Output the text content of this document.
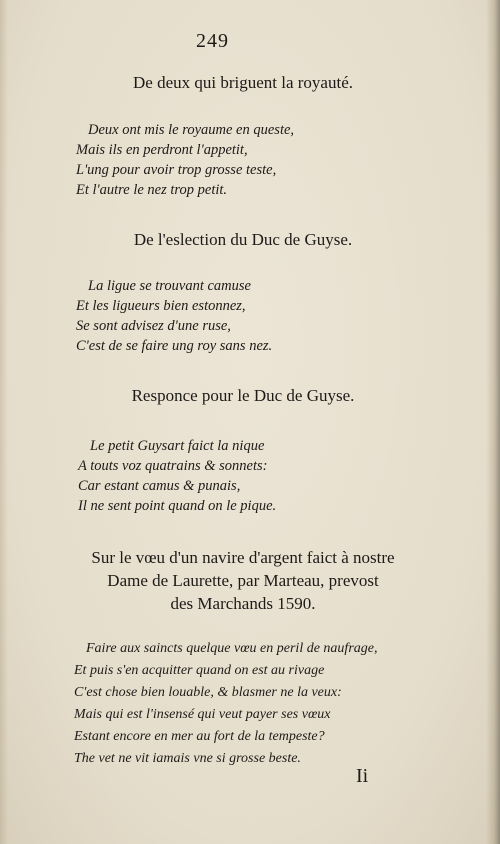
249
De deux qui briguent la royauté.
Deux ont mis le royaume en queste,
Mais ils en perdront l'appetit,
L'ung pour avoir trop grosse teste,
Et l'autre le nez trop petit.
De l'eslection du Duc de Guyse.
La ligue se trouvant camuse
Et les ligueurs bien estonnez,
Se sont advisez d'une ruse,
C'est de se faire ung roy sans nez.
Responce pour le Duc de Guyse.
Le petit Guysart faict la nique
A touts voz quatrains & sonnets:
Car estant camus & punais,
Il ne sent point quand on le pique.
Sur le vœu d'un navire d'argent faict à nostre
Dame de Laurette, par Marteau, prevost
des Marchands 1590.
Faire aux saincts quelque vœu en peril de naufrage,
Et puis s'en acquitter quand on est au rivage
C'est chose bien louable, & blasmer ne la veux:
Mais qui est l'insensé qui veut payer ses vœux
Estant encore en mer au fort de la tempeste?
The vet ne vit iamais vne si grosse beste.
Ii
